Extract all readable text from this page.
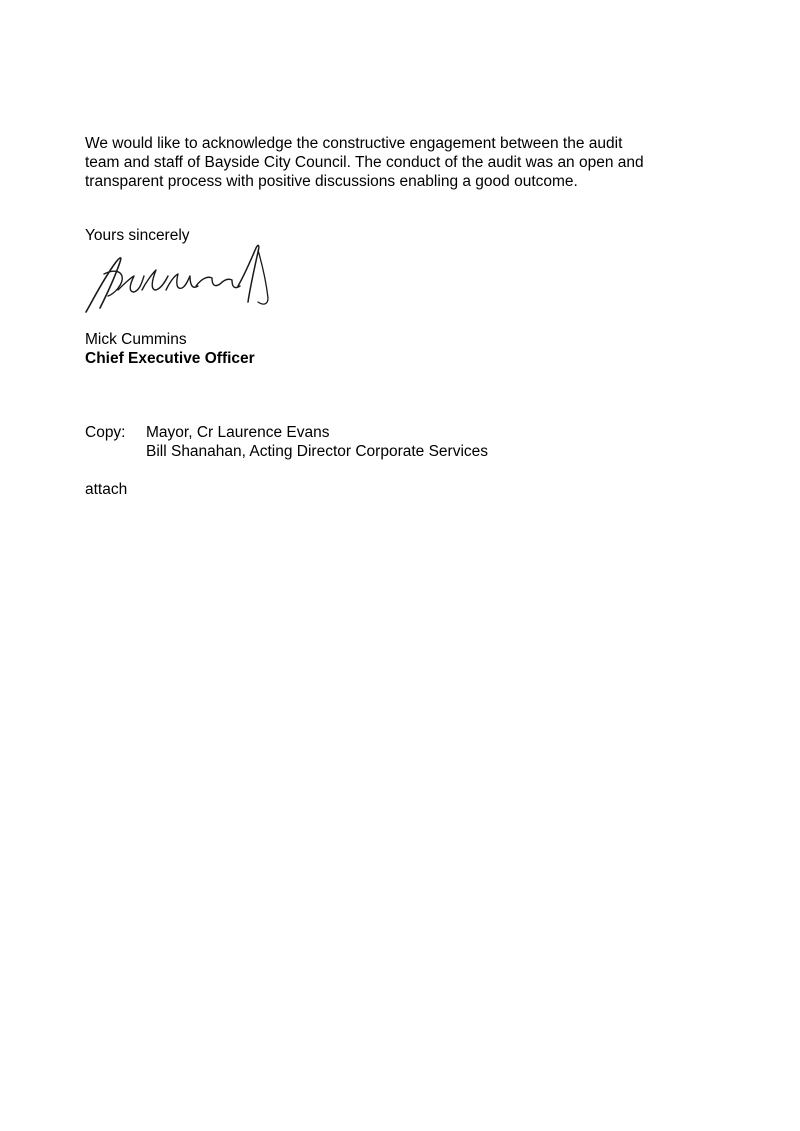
We would like to acknowledge the constructive engagement between the audit
team and staff of Bayside City Council. The conduct of the audit was an open and
transparent process with positive discussions enabling a good outcome.

Yours sincerely

Mick Cummins

Chief Executive Officer

Copy: Mayor, Cr Laurence Evans
Bill Shanahan, Acting Director Corporate Services

attach
